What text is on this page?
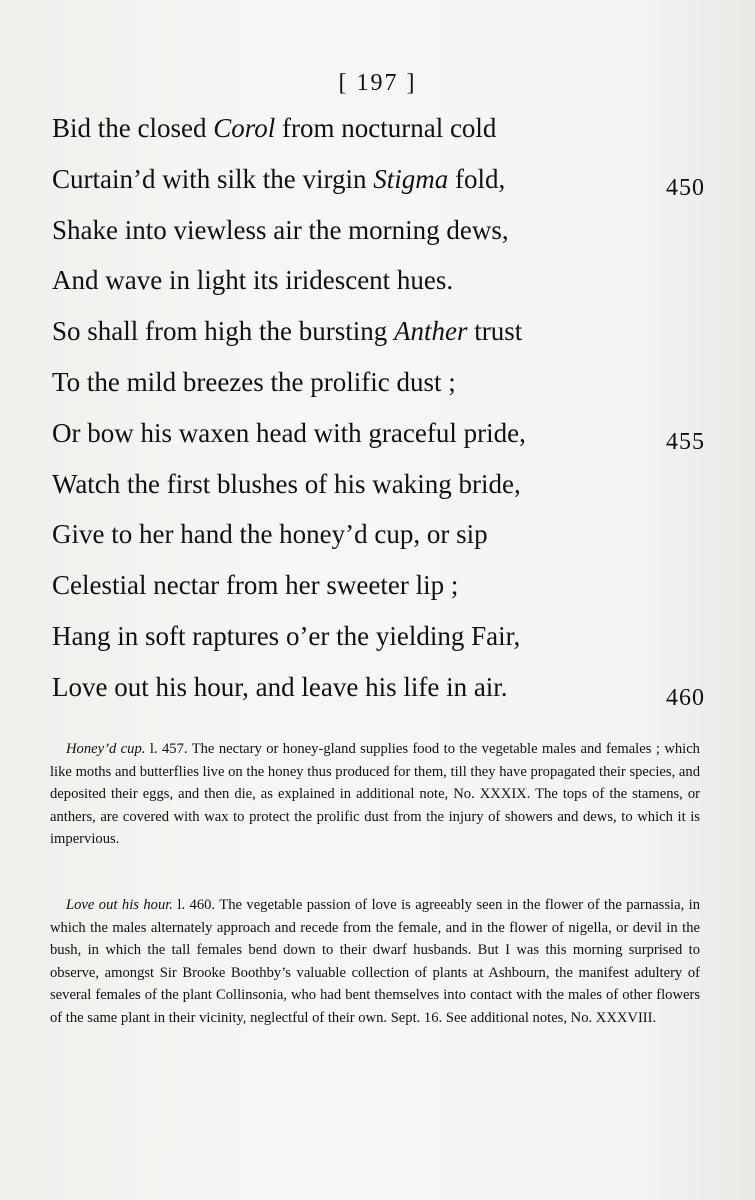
[ 197 ]
Bid the closed Corol from nocturnal cold
Curtain’d with silk the virgin Stigma fold,	450
Shake into viewless air the morning dews,
And wave in light its iridescent hues.
So shall from high the bursting Anther trust
To the mild breezes the prolific dust ;
Or bow his waxen head with graceful pride,	455
Watch the first blushes of his waking bride,
Give to her hand the honey’d cup, or sip
Celestial nectar from her sweeter lip ;
Hang in soft raptures o’er the yielding Fair,
Love out his hour, and leave his life in air.	460
Honey’d cup. l. 457. The nectary or honey-gland supplies food to the vegetable males and females ; which like moths and butterflies live on the honey thus produced for them, till they have propagated their species, and deposited their eggs, and then die, as explained in additional note, No. XXXIX. The tops of the stamens, or anthers, are covered with wax to protect the prolific dust from the injury of showers and dews, to which it is impervious.
Love out his hour. l. 460. The vegetable passion of love is agreeably seen in the flower of the parnassia, in which the males alternately approach and recede from the female, and in the flower of nigella, or devil in the bush, in which the tall females bend down to their dwarf husbands. But I was this morning surprised to observe, amongst Sir Brooke Boothby’s valuable collection of plants at Ashbourn, the manifest adultery of several females of the plant Collinsonia, who had bent themselves into contact with the males of other flowers of the same plant in their vicinity, neglectful of their own. Sept. 16. See additional notes, No. XXXVIII.
